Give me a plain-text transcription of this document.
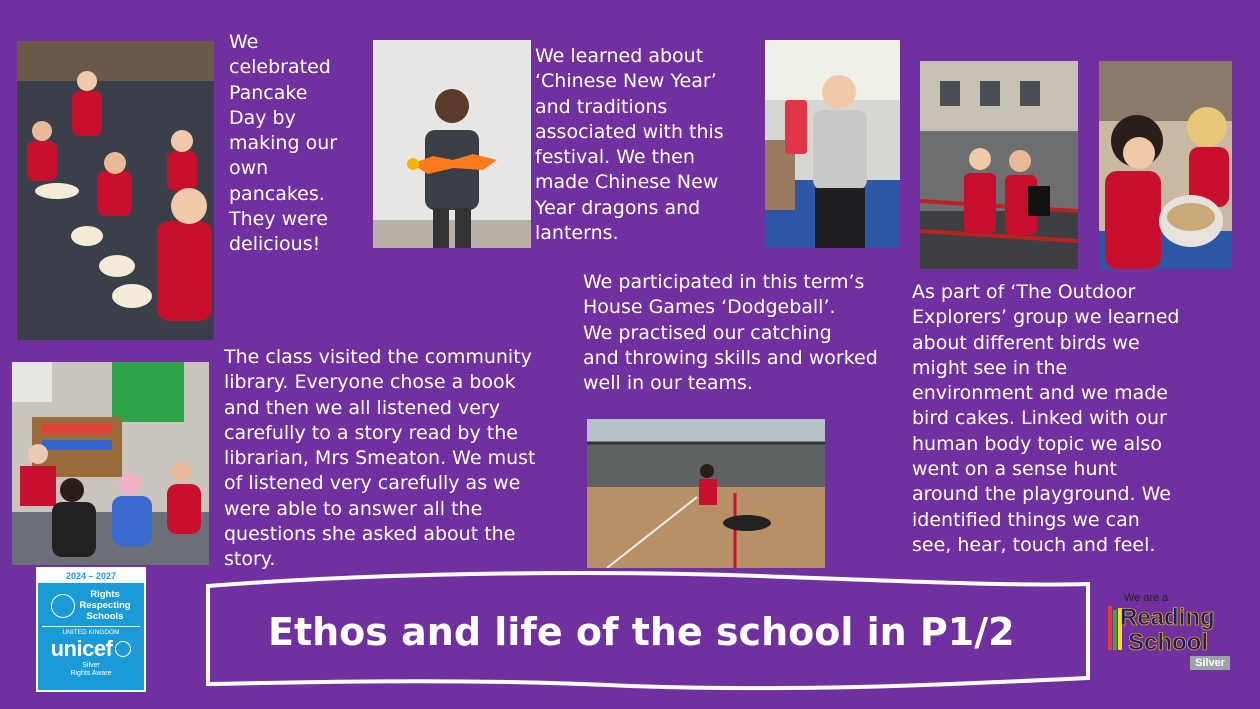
We
celebrated
Pancake
Day by
making our
own
pancakes.
They were
delicious!

We learned about
‘Chinese New Year’
and traditions
associated with this
festival. We then
made Chinese New
Year dragons and
lanterns.

We participated in this term’s
House Games ‘Dodgeball’.
We practised our catching
and throwing skills and worked
well in our teams.

As part of ‘The Outdoor
Explorers’ group we learned
about different birds we
might see in the
environment and we made
bird cakes. Linked with our
human body topic we also
went on a sense hunt
around the playground. We
identified things we can
see, hear, touch and feel.

The class visited the community
library. Everyone chose a book
and then we all listened very
carefully to a story read by the
librarian, Mrs Smeaton. We must
of listened very carefully as we
were able to answer all the
questions she asked about the
story.

2024 – 2027
Rights
Respecting
Schools
UNITED KINGDOM
unicef
Silver
Rights Aware
Ethos and life of the school in P1/2
We are a
Reading
School
Silver
